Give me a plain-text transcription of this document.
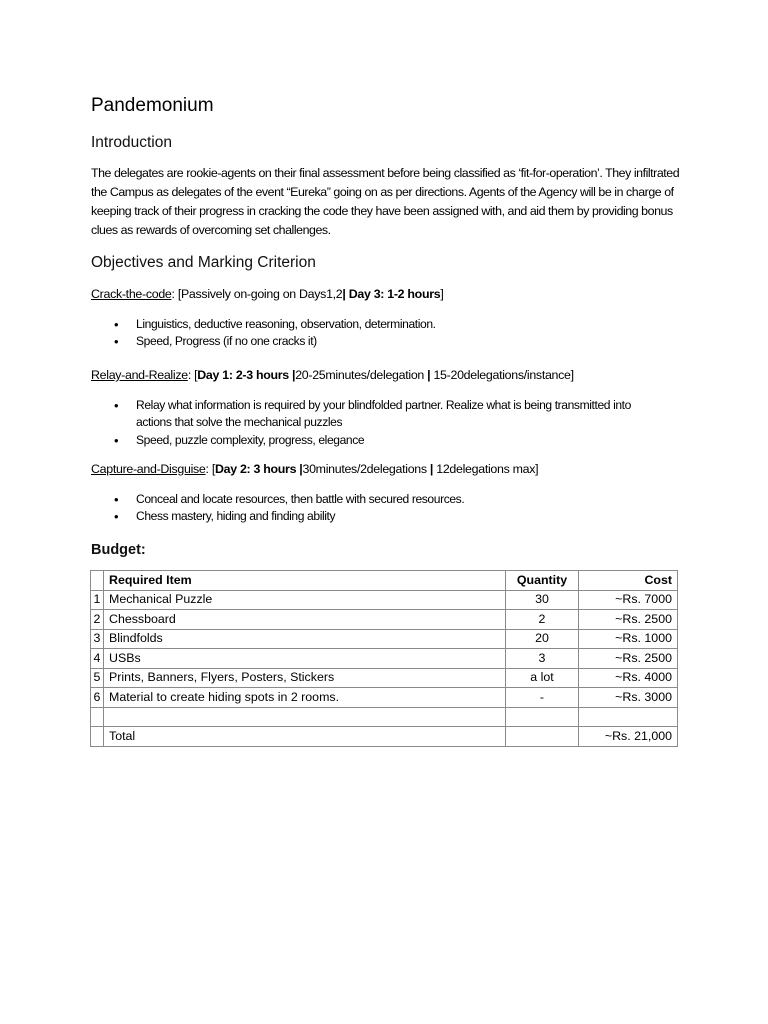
Pandemonium
Introduction

The delegates are rookie-agents on their final assessment before being classified as ‘fit-for-operation’. They infiltrated the Campus as delegates of the event “Eureka” going on as per directions. Agents of the Agency will be in charge of keeping track of their progress in cracking the code they have been assigned with, and aid them by providing bonus clues as rewards of overcoming set challenges.

Objectives and Marking Criterion

Crack-the-code: [Passively on-going on Days1,2| Day 3: 1-2 hours]

• Linguistics, deductive reasoning, observation, determination.
• Speed, Progress (if no one cracks it)

Relay-and-Realize: [Day 1: 2-3 hours |20-25minutes/delegation | 15-20delegations/instance]

• Relay what information is required by your blindfolded partner. Realize what is being transmitted into actions that solve the mechanical puzzles
• Speed, puzzle complexity, progress, elegance

Capture-and-Disguise: [Day 2: 3 hours |30minutes/2delegations | 12delegations max]

• Conceal and locate resources, then battle with secured resources.
• Chess mastery, hiding and finding ability
Budget:
	Required Item	Quantity	Cost
1	Mechanical Puzzle	30	~Rs. 7000
2	Chessboard	2	~Rs. 2500
3	Blindfolds	20	~Rs. 1000
4	USBs	3	~Rs. 2500
5	Prints, Banners, Flyers, Posters, Stickers	a lot	~Rs. 4000
6	Material to create hiding spots in 2 rooms.	-	~Rs. 3000

	Total		~Rs. 21,000
